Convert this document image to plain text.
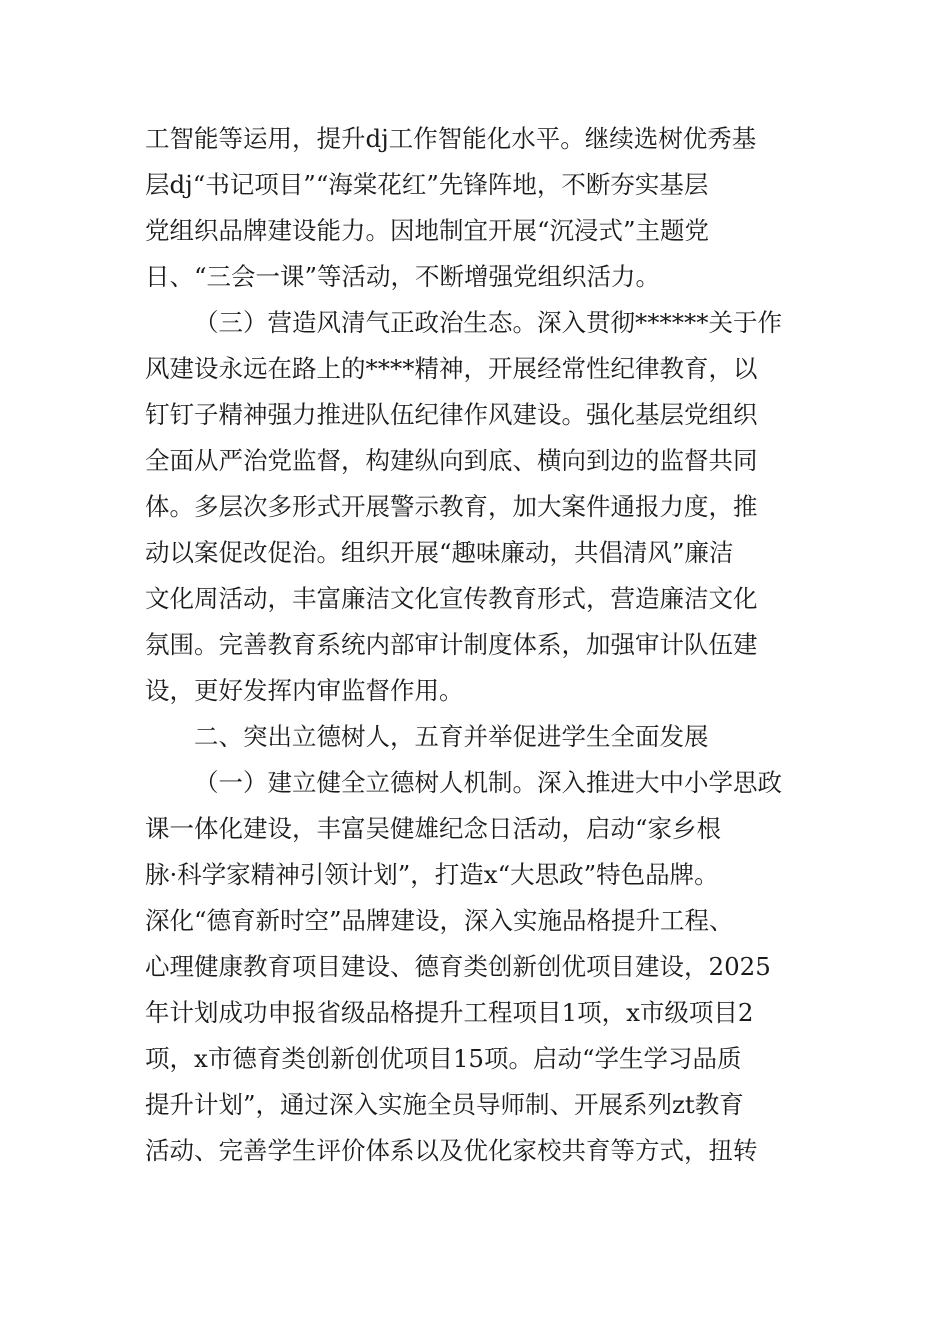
工智能等运用，提升dj工作智能化水平。继续选树优秀基
层dj“书记项目”“海棠花红”先锋阵地，不断夯实基层
党组织品牌建设能力。因地制宜开展“沉浸式”主题党
日、“三会一课”等活动，不断增强党组织活力。
（三）营造风清气正政治生态。深入贯彻******关于作
风建设永远在路上的****精神，开展经常性纪律教育，以
钉钉子精神强力推进队伍纪律作风建设。强化基层党组织
全面从严治党监督，构建纵向到底、横向到边的监督共同
体。多层次多形式开展警示教育，加大案件通报力度，推
动以案促改促治。组织开展“趣味廉动，共倡清风”廉洁
文化周活动，丰富廉洁文化宣传教育形式，营造廉洁文化
氛围。完善教育系统内部审计制度体系，加强审计队伍建
设，更好发挥内审监督作用。
二、突出立德树人，五育并举促进学生全面发展
（一）建立健全立德树人机制。深入推进大中小学思政
课一体化建设，丰富吴健雄纪念日活动，启动“家乡根
脉·科学家精神引领计划”，打造x“大思政”特色品牌。
深化“德育新时空”品牌建设，深入实施品格提升工程、
心理健康教育项目建设、德育类创新创优项目建设，2025
年计划成功申报省级品格提升工程项目1项，x市级项目2
项，x市德育类创新创优项目15项。启动“学生学习品质
提升计划”，通过深入实施全员导师制、开展系列zt教育
活动、完善学生评价体系以及优化家校共育等方式，扭转
